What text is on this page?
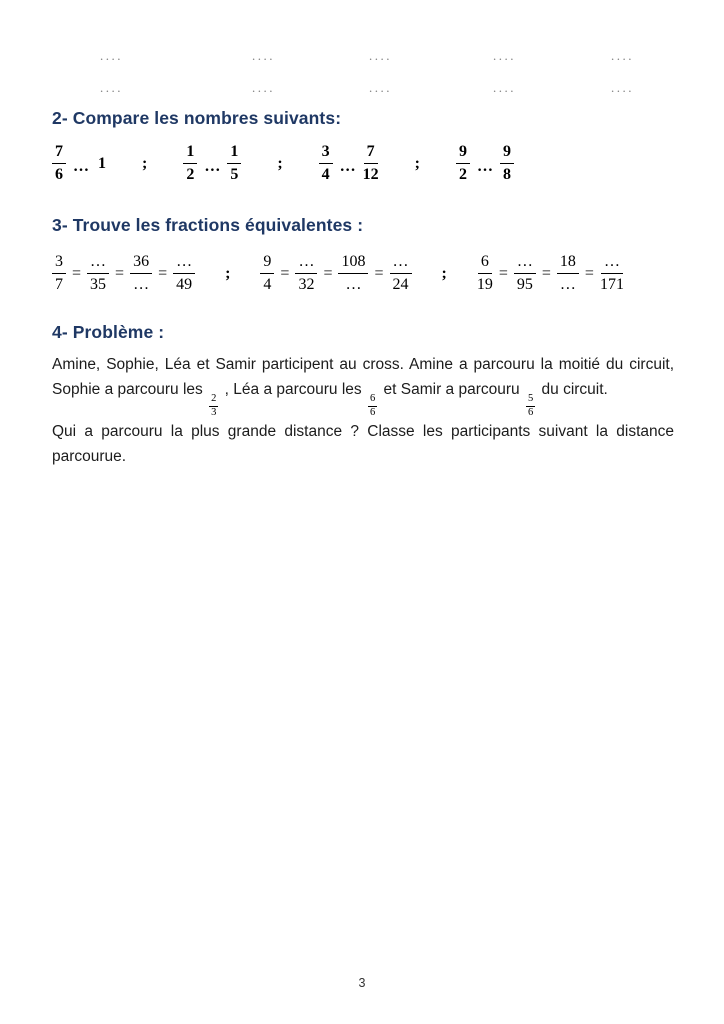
....	....	....	....	....
....	....	....	....	....
2- Compare les nombres suivants:
$\frac{7}{6}$ … 1 ; $\frac{1}{2}$ … $\frac{1}{5}$ ; $\frac{3}{4}$ … $\frac{7}{12}$ ; $\frac{9}{2}$ … $\frac{9}{8}$
3- Trouve les fractions équivalentes :
$\frac{3}{7} = \frac{\dots}{35} = \frac{36}{\dots} = \frac{\dots}{49}$ ; $\frac{9}{4} = \frac{\dots}{32} = \frac{108}{\dots} = \frac{\dots}{24}$ ; $\frac{6}{19} = \frac{\dots}{95} = \frac{18}{\dots} = \frac{\dots}{171}$
4- Problème :
Amine, Sophie, Léa et Samir participent au cross. Amine a parcouru la moitié du circuit, Sophie a parcouru les
$\frac{2}{3}$
, Léa a parcouru les
$\frac{6}{6}$
et Samir a parcouru
$\frac{5}{6}$
du circuit.
Qui a parcouru la plus grande distance ? Classe les participants suivant la distance parcourue.
3
